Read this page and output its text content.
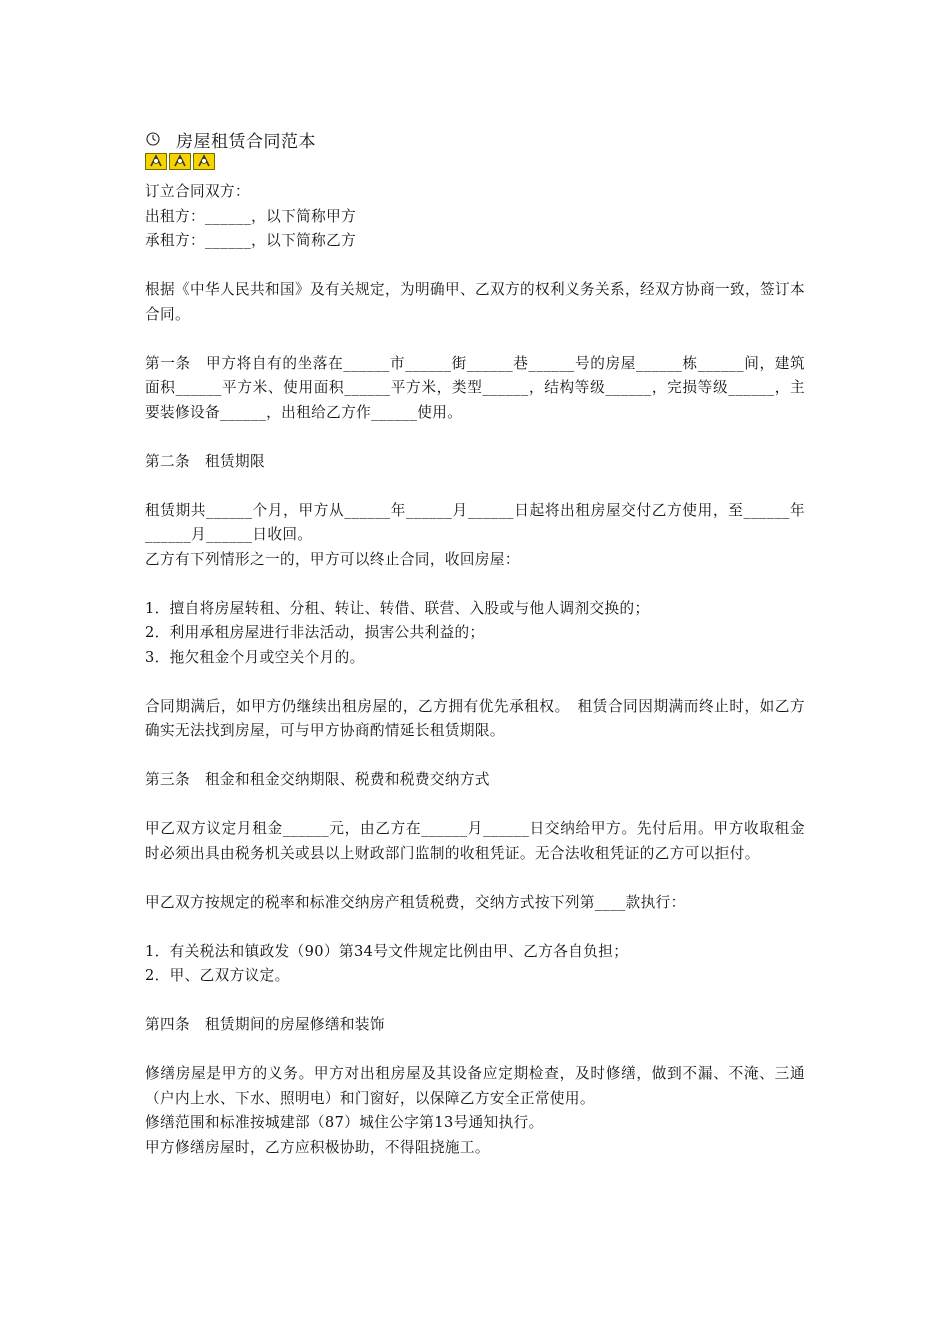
房屋租赁合同范本

订立合同双方：

出租方：______，以下简称甲方

承租方：______，以下简称乙方

根据《中华人民共和国》及有关规定，为明确甲、乙双方的权利义务关系，经双方协商一致，签订本合同。

第一条　甲方将自有的坐落在______市______街______巷______号的房屋______栋______间，建筑面积______平方米、使用面积______平方米，类型______，结构等级______，完损等级______，主要装修设备______，出租给乙方作______使用。

第二条　租赁期限

租赁期共______个月，甲方从______年______月______日起将出租房屋交付乙方使用，至______年______月______日收回。

乙方有下列情形之一的，甲方可以终止合同，收回房屋：

1．擅自将房屋转租、分租、转让、转借、联营、入股或与他人调剂交换的；

2．利用承租房屋进行非法活动，损害公共利益的；

3．拖欠租金个月或空关个月的。

合同期满后，如甲方仍继续出租房屋的，乙方拥有优先承租权。　租赁合同因期满而终止时，如乙方确实无法找到房屋，可与甲方协商酌情延长租赁期限。

第三条　租金和租金交纳期限、税费和税费交纳方式

甲乙双方议定月租金______元，由乙方在______月______日交纳给甲方。先付后用。甲方收取租金时必须出具由税务机关或县以上财政部门监制的收租凭证。无合法收租凭证的乙方可以拒付。

甲乙双方按规定的税率和标准交纳房产租赁税费，交纳方式按下列第____款执行：

1．有关税法和镇政发（90）第34号文件规定比例由甲、乙方各自负担；

2．甲、乙双方议定。

第四条　租赁期间的房屋修缮和装饰

修缮房屋是甲方的义务。甲方对出租房屋及其设备应定期检查，及时修缮，做到不漏、不淹、三通（户内上水、下水、照明电）和门窗好，以保障乙方安全正常使用。

修缮范围和标准按城建部（87）城住公字第13号通知执行。

甲方修缮房屋时，乙方应积极协助，不得阻挠施工。
